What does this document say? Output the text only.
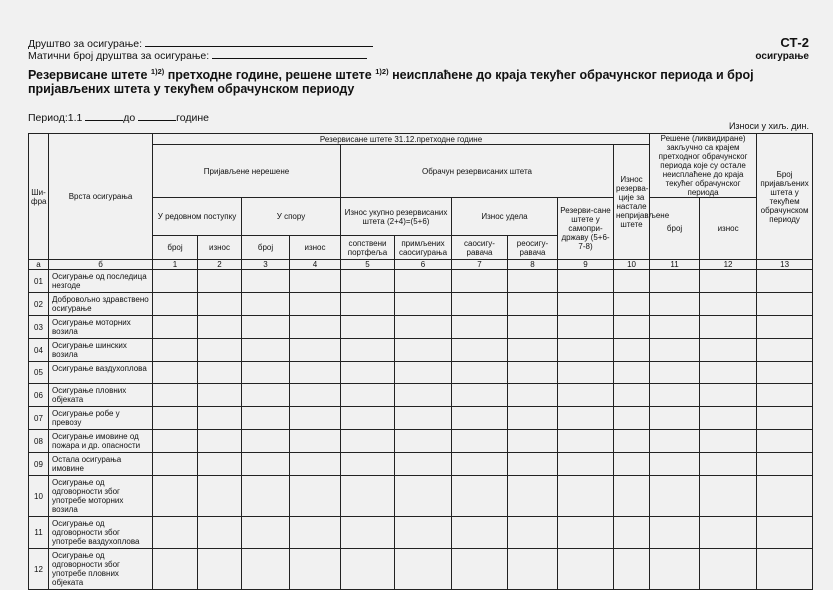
Друштво за осигурање:
Матични број друштва за осигурање:
СТ-2
осигурање
Резервисане штете $^{1)2)}$ претходне године, решене штете $^{1)2)}$ неисплаћене до краја текућег обрачунског периода и број пријављених штета у текућем обрачунском периоду
Период:1.1	до	године
Износи у хиљ. дин.
Ши-фра	Врста осигурања	Резервисане штете 31.12.претходне године										Решене (ликвидиране) закључно са крајем претходног обрачунског периода које су остале неисплаћене до краја текућег обрачунског периода		Број пријављених штета у текућем обрачунском периоду
		Пријављене нерешене				Обрачун резервисаних штета					Износ резерва-ције за настале непријављене штете			
		У редовном поступку		У спору		Износ укупно резервисаних штета (2+4)=(5+6)		Износ удела		Резерви-сане штете у самопри-државу (5+6-7-8)		број	износ	
		број	износ	број	износ	сопствени портфеља	примљених саосигурања	саосигу-равача	реосигу-равача					
а	б	1	2	3	4	5	6	7	8	9	10	11	12	13
01	Осигурање од последица незгоде													
02	Добровољно здравствено осигурање													
03	Осигурање моторних возила													
04	Осигурање шинских возила													
05	Осигурање ваздухоплова													
06	Осигурање пловних објеката													
07	Осигурање робе у превозу													
08	Осигурање имовине од пожара и др. опасности													
09	Остала осигурања имовине													
10	Осигурање од одговорности због употребе моторних возила													
11	Осигурање од одговорности због употребе ваздухоплова													
12	Осигурање од одговорности због употребе пловних објеката													
